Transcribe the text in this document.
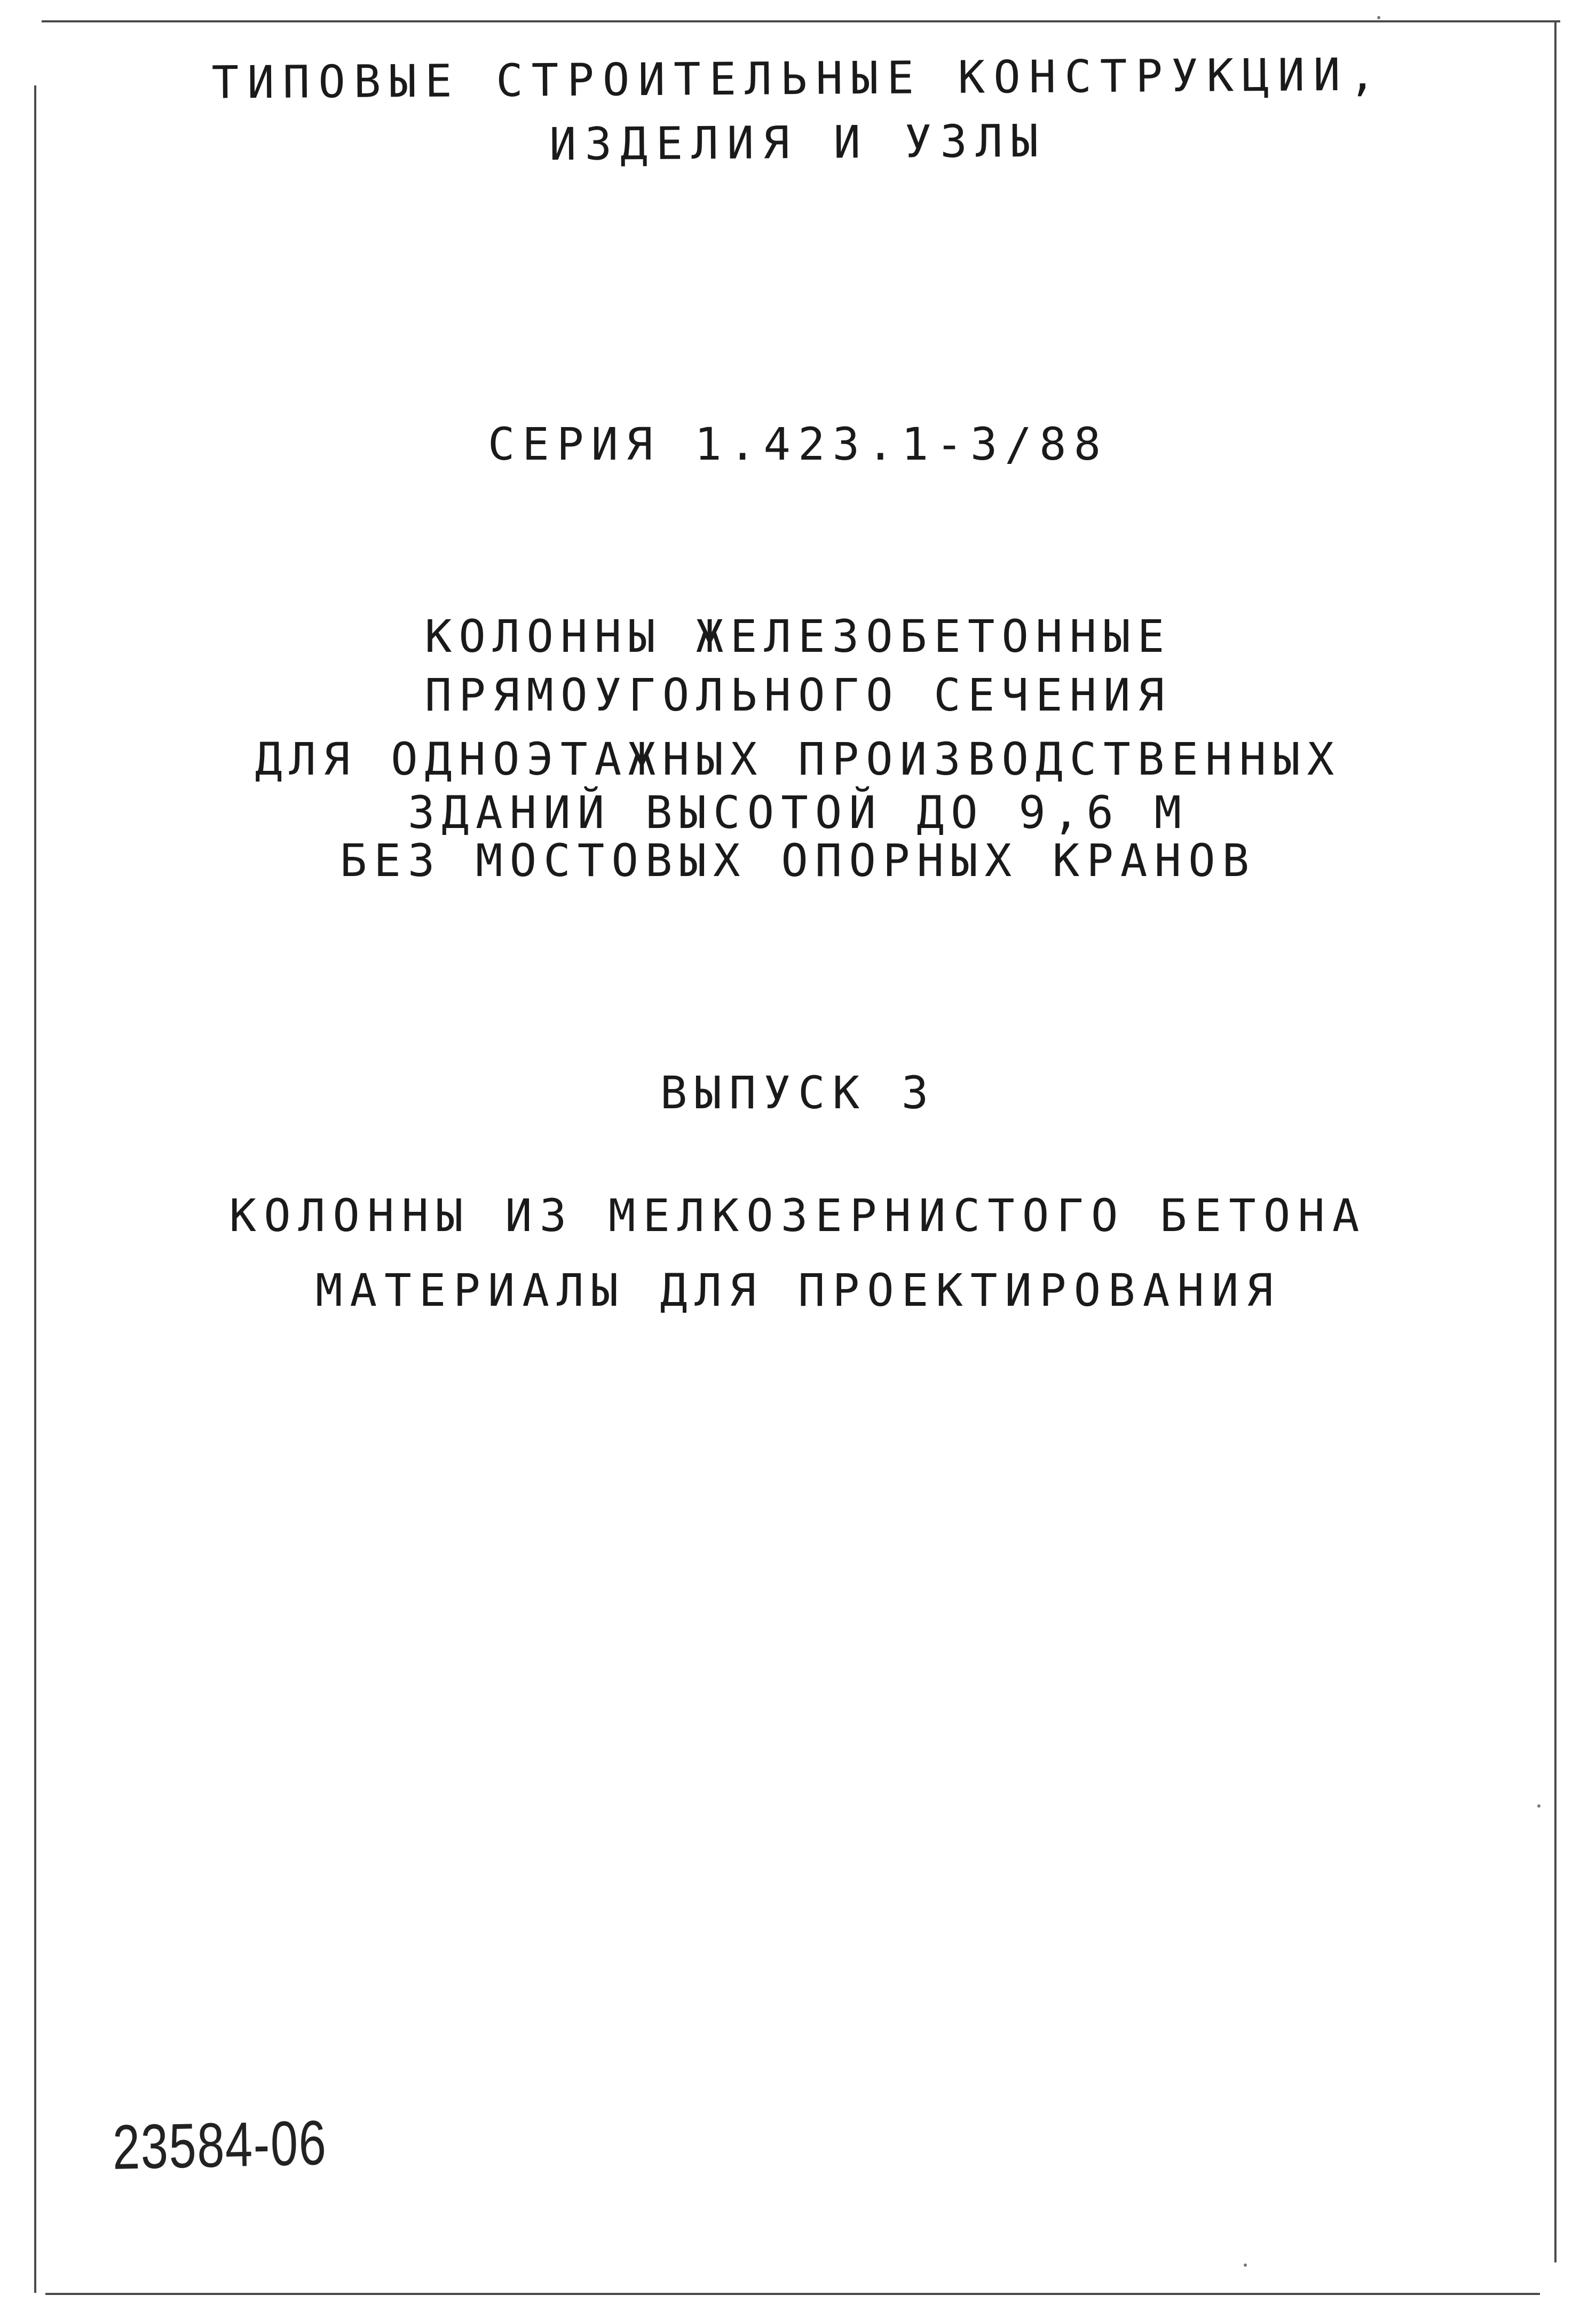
ТИПОВЫЕ СТРОИТЕЛЬНЫЕ КОНСТРУКЦИИ,
ИЗДЕЛИЯ И УЗЛЫ
СЕРИЯ 1.423.1-3/88
КОЛОННЫ ЖЕЛЕЗОБЕТОННЫЕ
ПРЯМОУГОЛЬНОГО СЕЧЕНИЯ
ДЛЯ ОДНОЭТАЖНЫХ ПРОИЗВОДСТВЕННЫХ
ЗДАНИЙ ВЫСОТОЙ ДО 9,6 М
БЕЗ МОСТОВЫХ ОПОРНЫХ КРАНОВ
ВЫПУСК 3
КОЛОННЫ ИЗ МЕЛКОЗЕРНИСТОГО БЕТОНА
МАТЕРИАЛЫ ДЛЯ ПРОЕКТИРОВАНИЯ
23584-06
